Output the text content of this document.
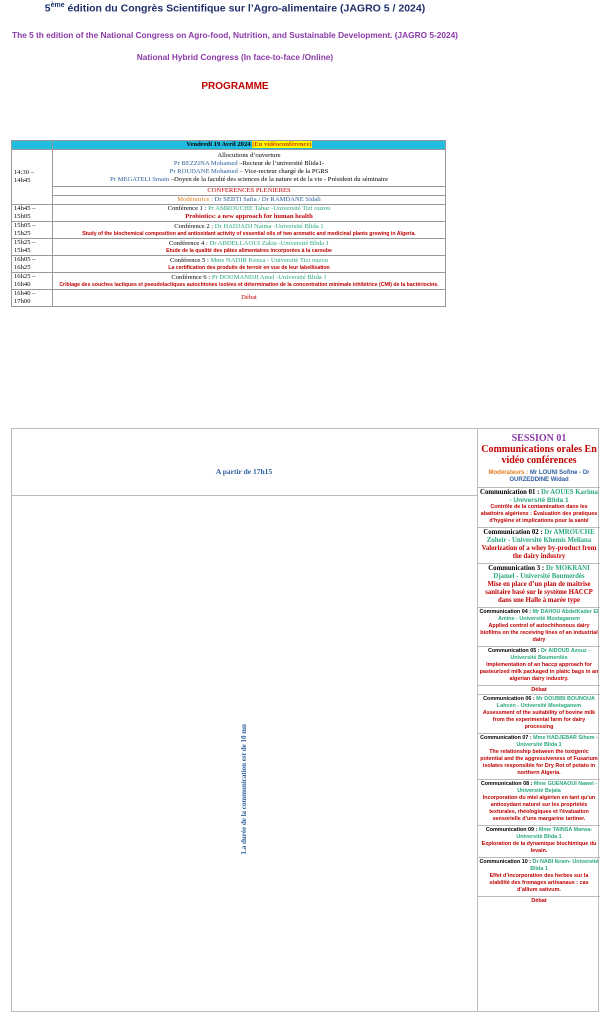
5ème édition du Congrès Scientifique sur l’Agro-alimentaire (JAGRO 5 / 2024)
The 5 th edition of the National Congress on Agro-food, Nutrition, and Sustainable Development. (JAGRO 5-2024)
National Hybrid Congress (In face-to-face /Online)
PROGRAMME
	Vendredi 19 Avril 2024 (En vidéoconférence)
14:30 – 14h45	Allocutions d’ouverture
Pr BEZZINA Mohamed –Recteur de l’université Blida1-
Pr ROUDANE Mohamed – Vice-recteur chargé de la PGRS
Pr MEGATELI Smain –Doyen de la faculté des sciences de la nature et de la vie - Président du séminaire

	CONFERENCES PLENIERES
	Modératrice : Dr SEBTI Safia / Dr RAMDANE Sidali
14h45 – 15h05	Conférence 1 : Pr AMROUCHE Tahar -Université Tizi ouzou
Probiotics: a new approach for human health

15h05 – 15h25	Conférence 2 : Dr HADJADJ Naima -Université Blida 1
Study of the biochemical composition and antioxidant activity of essential oils of two aromatic and medicinal plants growing in Algeria.

15h25 – 15h45	Conférence 4 : Dr ABDELLAOUI Zakia -Université Blida 1
Etude de la qualité des pâtes alimentaires incorporées à la caroube

16h05 – 16h25	Conférence 5 : Mme NADIR Kenza - Université Tizi ouzou
La certification des produits de terroir en vue de leur labellisation

16h25 – 16h40	Conférence 6 : Pr DOUMANDJI Amel -Université Blida 1
Criblage des souches lactiques et pseudolactiques autochtones isolées et détermination de la concentration minimale inhibitrice (CMI) de la bactériocine.

16h40 – 17h00	Débat
A partir de 17h15
La durée de la communication est de 10 mn
SESSION 01
Communications orales En vidéo conférences
Modérateurs : Mr LOUNI Sofine - Dr OURZEDDINE Widad
Communication 01 : Dr AOUES Karima
- Université Blida 1
Contrôle de la contamination dans les abattoirs algériens : Évaluation des pratiques d'hygiène et implications pour la santé
Communication 02 : Dr AMROUCHE Zoheir - Université Khemis Meliana
Valorization of a whey by-product from the dairy industry
Communication 3 : Dr MOKRANI Djamel - Université Boumerdès
Mise en place d’un plan de maitrise sanitaire basé sur le système HACCP dans une Halle à marée type
Communication 04 : Mr DAHOU AbdelKader El Amine - Université Mostaganem
Applied control of autochthonous dairy biofilms on the receiving lines of an industrial dairy
Communication 05 : Dr AIDOUD Azouz - Université Boumerdès
Implementation of an haccp approach for pasteurized milk packaged in platic bags in an algerian dairy industry.
Débat
Communication 06 : Mr DOUBBI BOUNOUA Lahcen - Université Mostaganem
Assessment of the suitability of bovine milk from the experimental farm for dairy processing
Communication 07 : Mme HADJEBAR Sihem - Université Blida 1
The relationship between the toxigenic potential and the aggressiveness of Fusarium isolates responsible for Dry Rot of potato in northern Algeria.
Communication 08 : Mme GUENAOUI Nawel - Université Bejaia
Incorporation du miel algérien en tant qu'un antioxydant naturel sur les propriétés texturales, rhéologiques et l'évaluation sensorielle d’une margarine tartiner.
Communication 09 : Mme TAINSA Marwa- Université Blida 1
Exploration de la dynamique biochimique du levain.
Communication 10 : Dr NABI Ikram- Université Blida 1
Effet d’incorporation des herbes sur la stabilité des fromages artisanaux : cas d’allium sativum.
Débat
